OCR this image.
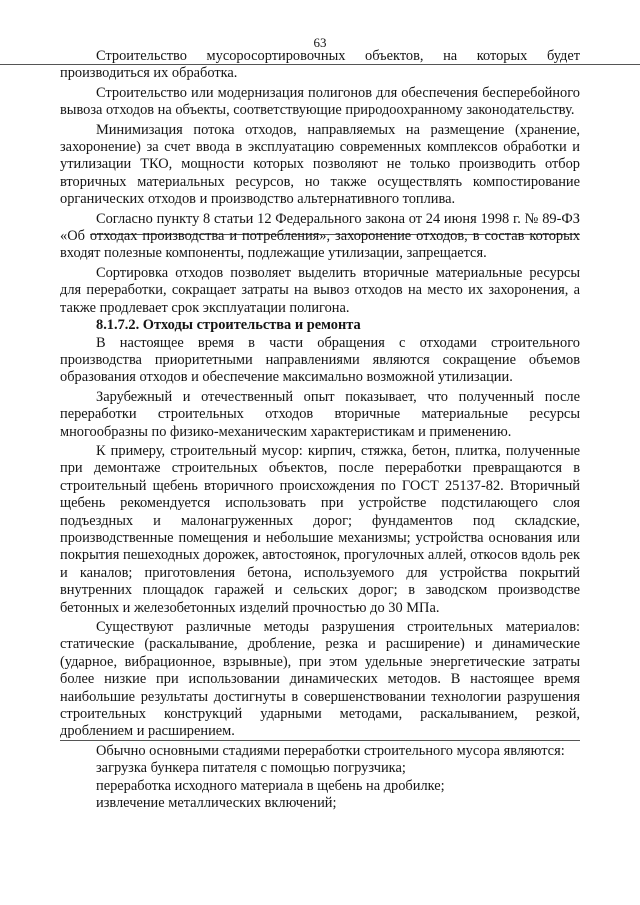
63

Строительство мусоросортировочных объектов, на которых будет производиться их обработка.

Строительство или модернизация полигонов для обеспечения бесперебойного вывоза отходов на объекты, соответствующие природоохранному законодательству.

Минимизация потока отходов, направляемых на размещение (хранение, захоронение) за счет ввода в эксплуатацию современных комплексов обработки и утилизации ТКО, мощности которых позволяют не только производить отбор вторичных материальных ресурсов, но также осуществлять компостирование органических отходов и производство альтернативного топлива.

Согласно пункту 8 статьи 12 Федерального закона от 24 июня 1998 г. № 89-ФЗ «Об отходах производства и потребления», захоронение отходов, в состав которых входят полезные компоненты, подлежащие утилизации, запрещается.

Сортировка отходов позволяет выделить вторичные материальные ресурсы для переработки, сокращает затраты на вывоз отходов на место их захоронения, а также продлевает срок эксплуатации полигона.

8.1.7.2. Отходы строительства и ремонта

В настоящее время в части обращения с отходами строительного производства приоритетными направлениями являются сокращение объемов образования отходов и обеспечение максимально возможной утилизации.

Зарубежный и отечественный опыт показывает, что полученный после переработки строительных отходов вторичные материальные ресурсы многообразны по физико-механическим характеристикам и применению.

К примеру, строительный мусор: кирпич, стяжка, бетон, плитка, полученные при демонтаже строительных объектов, после переработки превращаются в строительный щебень вторичного происхождения по ГОСТ 25137-82. Вторичный щебень рекомендуется использовать при устройстве подстилающего слоя подъездных и малонагруженных дорог; фундаментов под складские, производственные помещения и небольшие механизмы; устройства основания или покрытия пешеходных дорожек, автостоянок, прогулочных аллей, откосов вдоль рек и каналов; приготовления бетона, используемого для устройства покрытий внутренних площадок гаражей и сельских дорог; в заводском производстве бетонных и железобетонных изделий прочностью до 30 МПа.

Существуют различные методы разрушения строительных материалов: статические (раскалывание, дробление, резка и расширение) и динамические (ударное, вибрационное, взрывные), при этом удельные энергетические затраты более низкие при использовании динамических методов. В настоящее время наибольшие результаты достигнуты в совершенствовании технологии разрушения строительных конструкций ударными методами, раскалыванием, резкой, дроблением и расширением.

Обычно основными стадиями переработки строительного мусора являются:

загрузка бункера питателя с помощью погрузчика;

переработка исходного материала в щебень на дробилке;

извлечение металлических включений;
